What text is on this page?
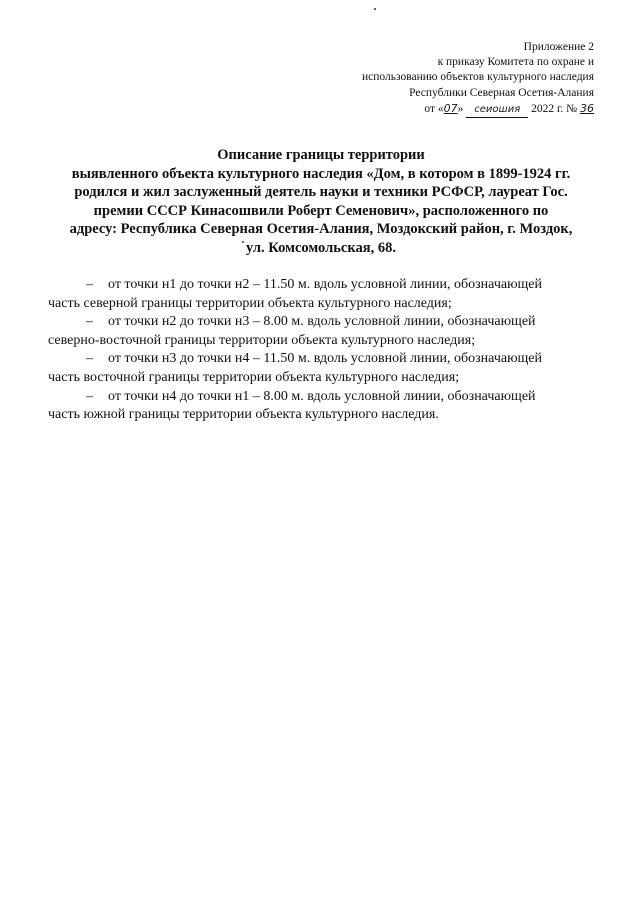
Приложение 2
к приказу Комитета по охране и
использованию объектов культурного наследия
Республики Северная Осетия-Алания
от «07» сеиошия 2022 г. № 36
Описание границы территории
выявленного объекта культурного наследия «Дом, в котором в 1899-1924 гг.
родился и жил заслуженный деятель науки и техники РСФСР, лауреат Гос.
премии СССР Кинасошвили Роберт Семенович», расположенного по
адресу: Республика Северная Осетия-Алания, Моздокский район, г. Моздок,
ул. Комсомольская, 68.
– от точки н1 до точки н2 – 11.50 м. вдоль условной линии, обозначающей
часть северной границы территории объекта культурного наследия;
– от точки н2 до точки н3 – 8.00 м. вдоль условной линии, обозначающей
северно-восточной границы территории объекта культурного наследия;
– от точки н3 до точки н4 – 11.50 м. вдоль условной линии, обозначающей
часть восточной границы территории объекта культурного наследия;
– от точки н4 до точки н1 – 8.00 м. вдоль условной линии, обозначающей
часть южной границы территории объекта культурного наследия.
